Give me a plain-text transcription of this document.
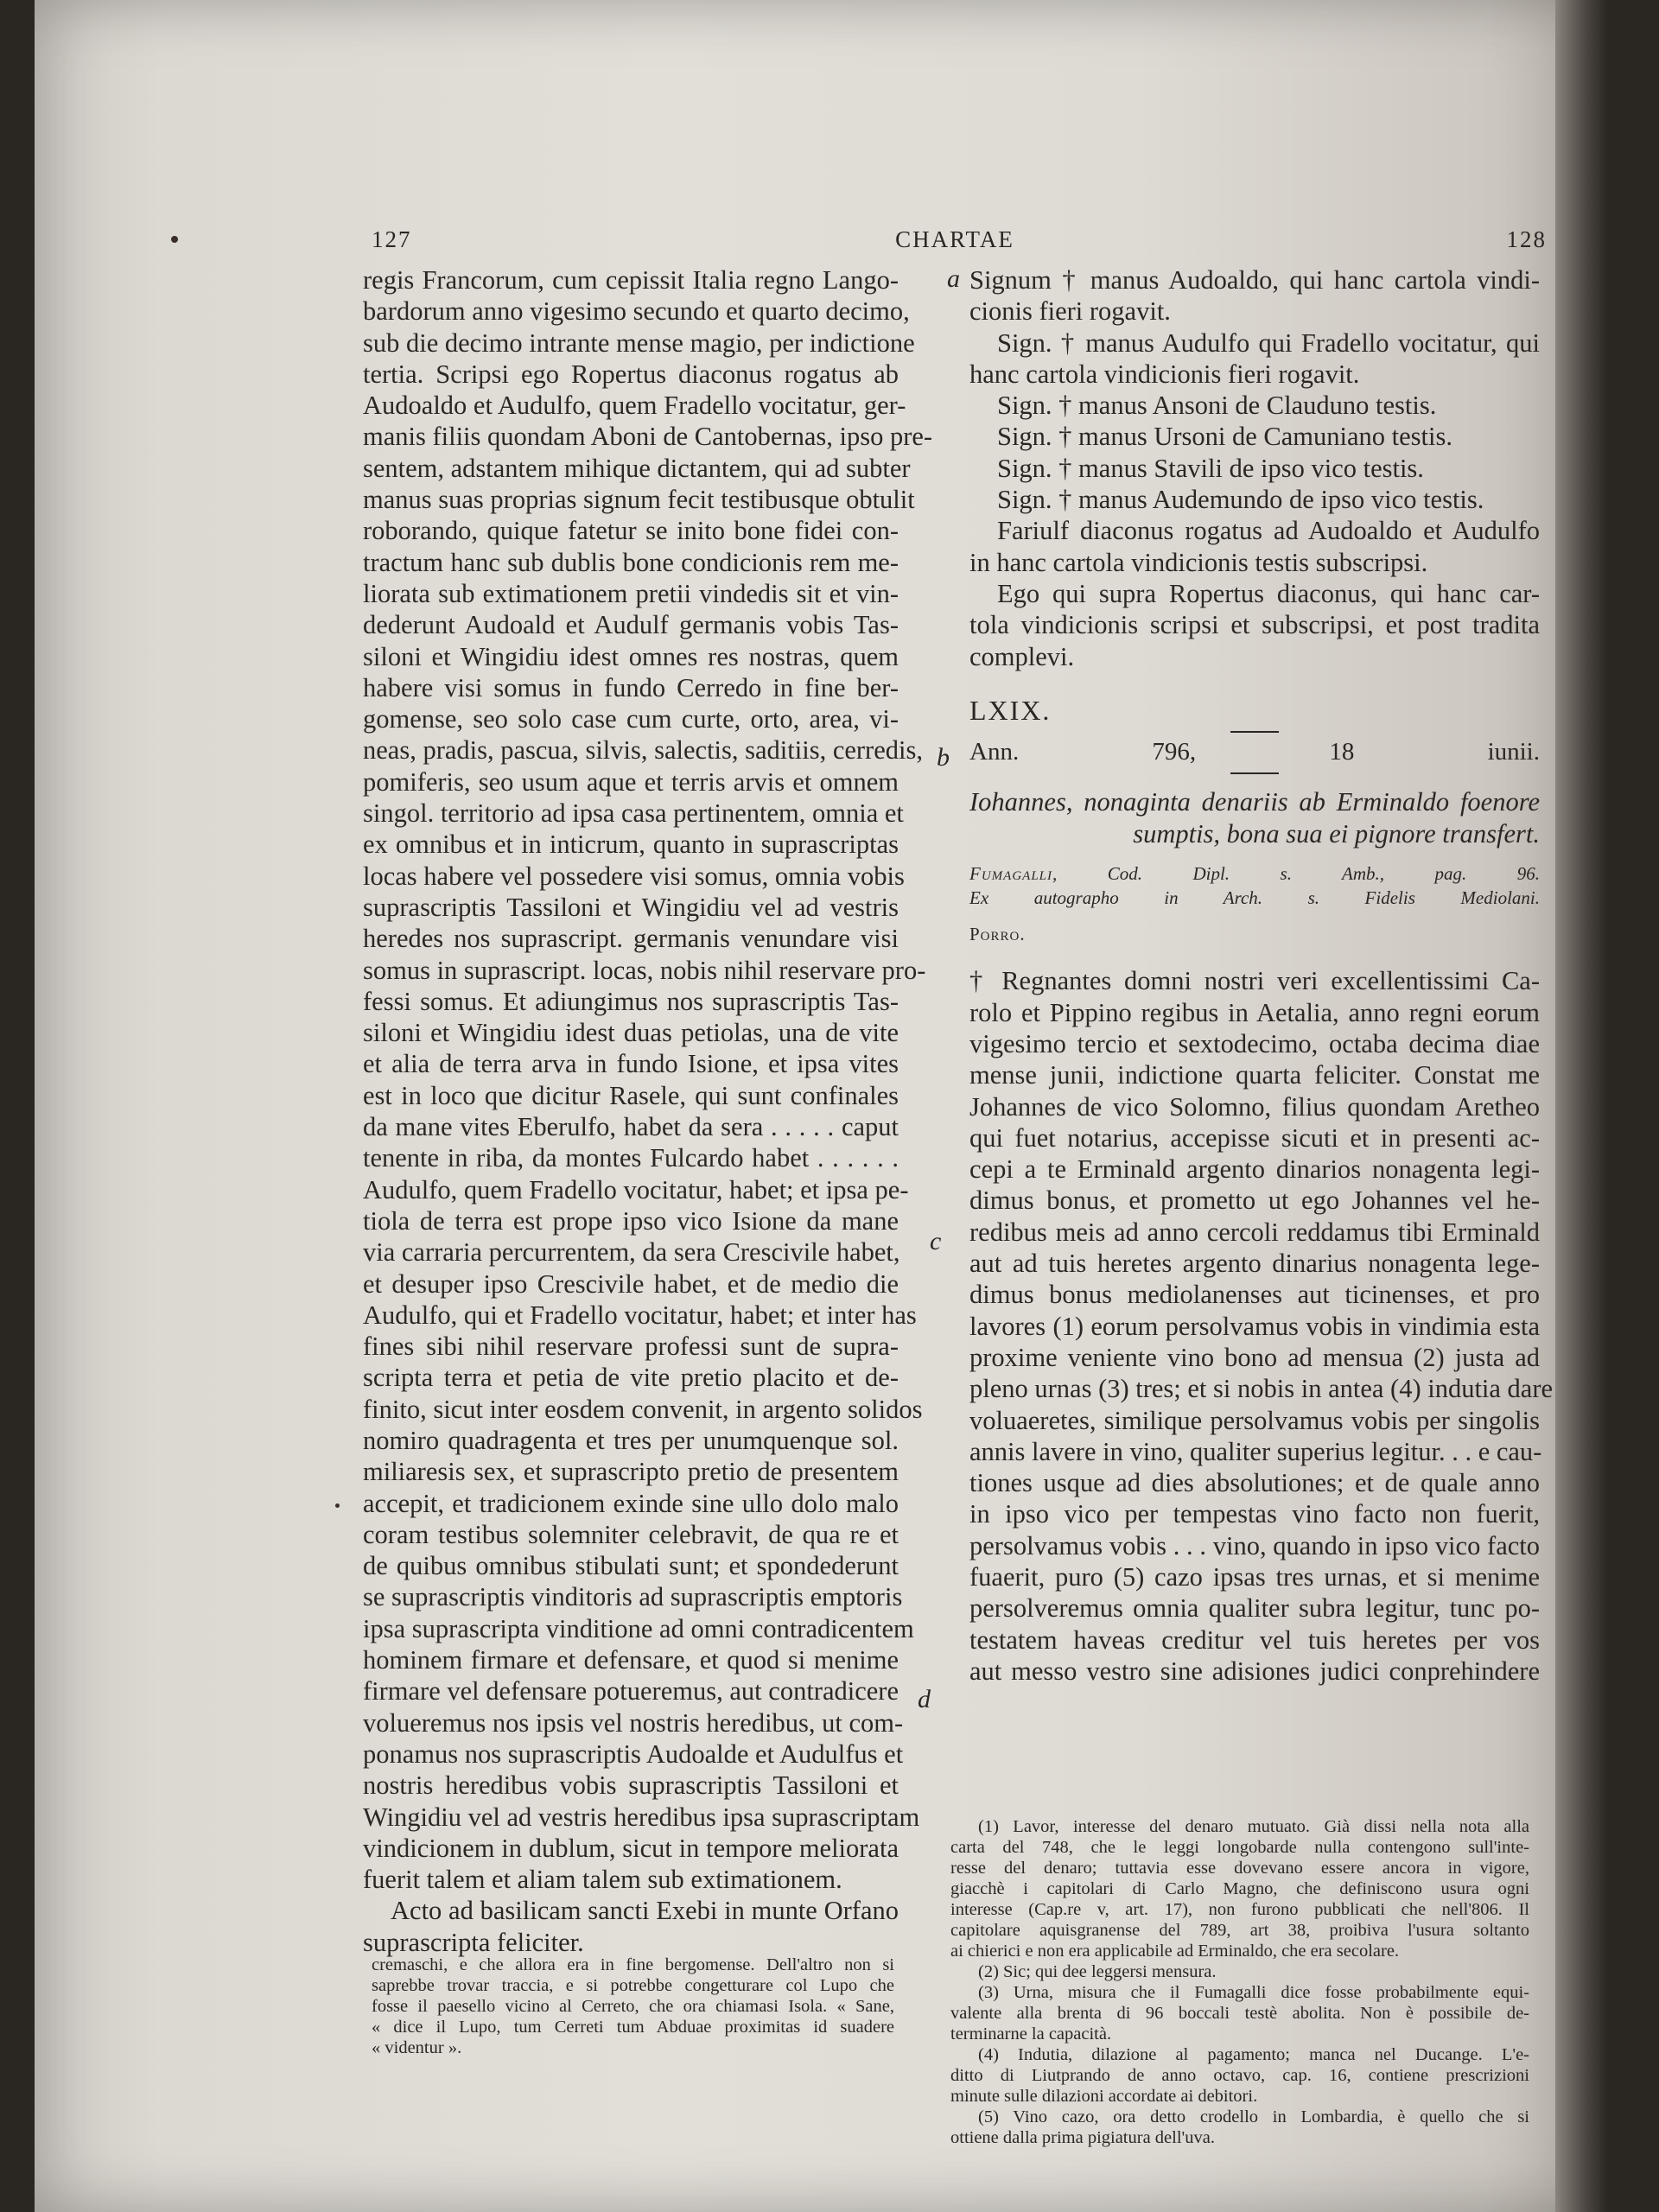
127	CHARTAE	128
regis Francorum, cum cepissit Italia regno Lango-
bardorum anno vigesimo secundo et quarto decimo,
sub die decimo intrante mense magio, per indictione
tertia. Scripsi ego Ropertus diaconus rogatus ab
Audoaldo et Audulfo, quem Fradello vocitatur, ger-
manis filiis quondam Aboni de Cantobernas, ipso pre-
sentem, adstantem mihique dictantem, qui ad subter
manus suas proprias signum fecit testibusque obtulit
roborando, quique fatetur se inito bone fidei con-
tractum hanc sub dublis bone condicionis rem me-
liorata sub extimationem pretii vindedis sit et vin-
dederunt Audoald et Audulf germanis vobis Tas-
siloni et Wingidiu idest omnes res nostras, quem
habere visi somus in fundo Cerredo in fine ber-
gomense, seo solo case cum curte, orto, area, vi-
neas, pradis, pascua, silvis, salectis, saditiis, cerredis,
pomiferis, seo usum aque et terris arvis et omnem
singol. territorio ad ipsa casa pertinentem, omnia et
ex omnibus et in inticrum, quanto in suprascriptas
locas habere vel possedere visi somus, omnia vobis
suprascriptis Tassiloni et Wingidiu vel ad vestris
heredes nos suprascript. germanis venundare visi
somus in suprascript. locas, nobis nihil reservare pro-
fessi somus. Et adiungimus nos suprascriptis Tas-
siloni et Wingidiu idest duas petiolas, una de vite
et alia de terra arva in fundo Isione, et ipsa vites
est in loco que dicitur Rasele, qui sunt confinales
da mane vites Eberulfo, habet da sera . . . . . caput
tenente in riba, da montes Fulcardo habet . . . . . .
Audulfo, quem Fradello vocitatur, habet; et ipsa pe-
tiola de terra est prope ipso vico Isione da mane
via carraria percurrentem, da sera Crescivile habet,
et desuper ipso Crescivile habet, et de medio die
Audulfo, qui et Fradello vocitatur, habet; et inter has
fines sibi nihil reservare professi sunt de supra-
scripta terra et petia de vite pretio placito et de-
finito, sicut inter eosdem convenit, in argento solidos
nomiro quadragenta et tres per unumquenque sol.
miliaresis sex, et suprascripto pretio de presentem
accepit, et tradicionem exinde sine ullo dolo malo
coram testibus solemniter celebravit, de qua re et
de quibus omnibus stibulati sunt; et spondederunt
se suprascriptis vinditoris ad suprascriptis emptoris
ipsa suprascripta vinditione ad omni contradicentem
hominem firmare et defensare, et quod si menime
firmare vel defensare potueremus, aut contradicere
volueremus nos ipsis vel nostris heredibus, ut com-
ponamus nos suprascriptis Audoalde et Audulfus et
nostris heredibus vobis suprascriptis Tassiloni et
Wingidiu vel ad vestris heredibus ipsa suprascriptam
vindicionem in dublum, sicut in tempore meliorata
fuerit talem et aliam talem sub extimationem.
Acto ad basilicam sancti Exebi in munte Orfano
suprascripta feliciter.
a
b
c
d
Signum † manus Audoaldo, qui hanc cartola vindi-
cionis fieri rogavit.
Sign. † manus Audulfo qui Fradello vocitatur, qui
hanc cartola vindicionis fieri rogavit.
Sign. † manus Ansoni de Clauduno testis.
Sign. † manus Ursoni de Camuniano testis.
Sign. † manus Stavili de ipso vico testis.
Sign. † manus Audemundo de ipso vico testis.
Fariulf diaconus rogatus ad Audoaldo et Audulfo
in hanc cartola vindicionis testis subscripsi.
Ego qui supra Ropertus diaconus, qui hanc car-
tola vindicionis scripsi et subscripsi, et post tradita
complevi.
LXIX.
Ann. 796, 18 iunii.
Iohannes, nonaginta denariis ab Erminaldo foenore
sumptis, bona sua ei pignore transfert.
Fumagalli, Cod. Dipl. s. Amb., pag. 96.
Ex autographo in Arch. s. Fidelis Mediolani.
Porro.
† Regnantes domni nostri veri excellentissimi Ca-
rolo et Pippino regibus in Aetalia, anno regni eorum
vigesimo tercio et sextodecimo, octaba decima diae
mense junii, indictione quarta feliciter. Constat me
Johannes de vico Solomno, filius quondam Aretheo
qui fuet notarius, accepisse sicuti et in presenti ac-
cepi a te Erminald argento dinarios nonagenta legi-
dimus bonus, et prometto ut ego Johannes vel he-
redibus meis ad anno cercoli reddamus tibi Erminald
aut ad tuis heretes argento dinarius nonagenta lege-
dimus bonus mediolanenses aut ticinenses, et pro
lavores (1) eorum persolvamus vobis in vindimia esta
proxime veniente vino bono ad mensua (2) justa ad
pleno urnas (3) tres; et si nobis in antea (4) indutia dare
voluaeretes, similique persolvamus vobis per singolis
annis lavere in vino, qualiter superius legitur. . . e cau-
tiones usque ad dies absolutiones; et de quale anno
in ipso vico per tempestas vino facto non fuerit,
persolvamus vobis . . . vino, quando in ipso vico facto
fuaerit, puro (5) cazo ipsas tres urnas, et si menime
persolveremus omnia qualiter subra legitur, tunc po-
testatem haveas creditur vel tuis heretes per vos
aut messo vestro sine adisiones judici conprehindere
(1) Lavor, interesse del denaro mutuato. Già dissi nella nota alla
carta del 748, che le leggi longobarde nulla contengono sull'inte-
resse del denaro; tuttavia esse dovevano essere ancora in vigore,
giacchè i capitolari di Carlo Magno, che definiscono usura ogni
interesse (Cap.re v, art. 17), non furono pubblicati che nell'806. Il
capitolare aquisgranense del 789, art 38, proibiva l'usura soltanto
ai chierici e non era applicabile ad Erminaldo, che era secolare.
(2) Sic; qui dee leggersi mensura.
(3) Urna, misura che il Fumagalli dice fosse probabilmente equi-
valente alla brenta di 96 boccali testè abolita. Non è possibile de-
terminarne la capacità.
(4) Indutia, dilazione al pagamento; manca nel Ducange. L'e-
ditto di Liutprando de anno octavo, cap. 16, contiene prescrizioni
minute sulle dilazioni accordate ai debitori.
(5) Vino cazo, ora detto crodello in Lombardia, è quello che si
ottiene dalla prima pigiatura dell'uva.
cremaschi, e che allora era in fine bergomense. Dell'altro non si
saprebbe trovar traccia, e si potrebbe congetturare col Lupo che
fosse il paesello vicino al Cerreto, che ora chiamasi Isola. « Sane,
« dice il Lupo, tum Cerreti tum Abduae proximitas id suadere
« videntur ».
